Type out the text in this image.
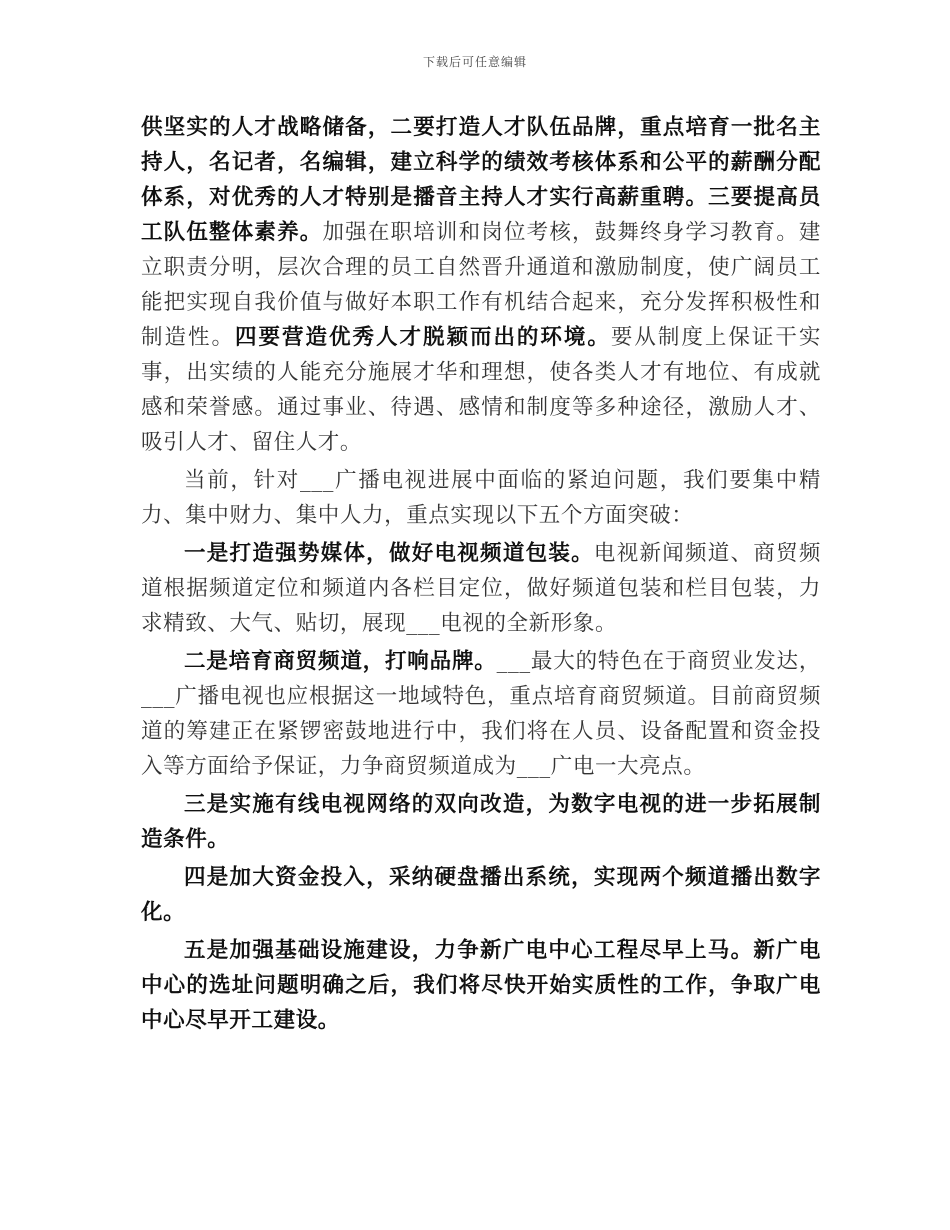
下载后可任意编辑

供坚实的人才战略储备，二要打造人才队伍品牌，重点培育一批名主持人，名记者，名编辑，建立科学的绩效考核体系和公平的薪酬分配体系，对优秀的人才特别是播音主持人才实行高薪重聘。三要提高员工队伍整体素养。加强在职培训和岗位考核，鼓舞终身学习教育。建立职责分明，层次合理的员工自然晋升通道和激励制度，使广阔员工能把实现自我价值与做好本职工作有机结合起来，充分发挥积极性和制造性。四要营造优秀人才脱颖而出的环境。要从制度上保证干实事，出实绩的人能充分施展才华和理想，使各类人才有地位、有成就感和荣誉感。通过事业、待遇、感情和制度等多种途径，激励人才、吸引人才、留住人才。

当前，针对___广播电视进展中面临的紧迫问题，我们要集中精力、集中财力、集中人力，重点实现以下五个方面突破：

一是打造强势媒体，做好电视频道包装。电视新闻频道、商贸频道根据频道定位和频道内各栏目定位，做好频道包装和栏目包装，力求精致、大气、贴切，展现___电视的全新形象。

二是培育商贸频道，打响品牌。___最大的特色在于商贸业发达，___广播电视也应根据这一地域特色，重点培育商贸频道。目前商贸频道的筹建正在紧锣密鼓地进行中，我们将在人员、设备配置和资金投入等方面给予保证，力争商贸频道成为___广电一大亮点。

三是实施有线电视网络的双向改造，为数字电视的进一步拓展制造条件。

四是加大资金投入，采纳硬盘播出系统，实现两个频道播出数字化。

五是加强基础设施建设，力争新广电中心工程尽早上马。新广电中心的选址问题明确之后，我们将尽快开始实质性的工作，争取广电中心尽早开工建设。
